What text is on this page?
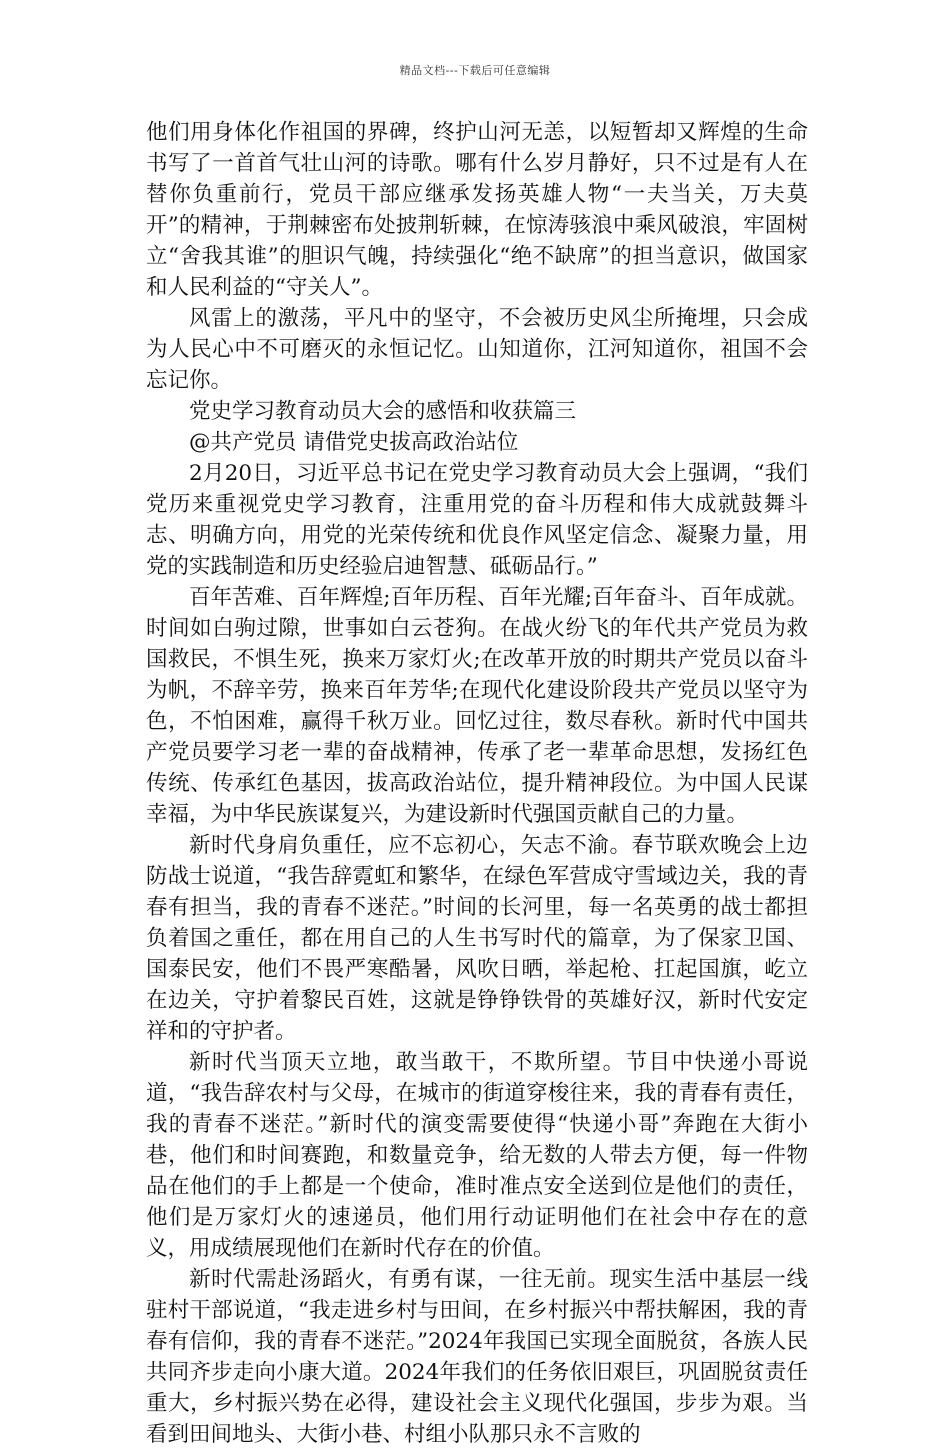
精品文档---下载后可任意编辑

他们用身体化作祖国的界碑，终护山河无恙，以短暂却又辉煌的生命书写了一首首气壮山河的诗歌。哪有什么岁月静好，只不过是有人在替你负重前行，党员干部应继承发扬英雄人物“一夫当关，万夫莫开”的精神，于荆棘密布处披荆斩棘，在惊涛骇浪中乘风破浪，牢固树立“舍我其谁”的胆识气魄，持续强化“绝不缺席”的担当意识，做国家和人民利益的“守关人”。

风雷上的激荡，平凡中的坚守，不会被历史风尘所掩埋，只会成为人民心中不可磨灭的永恒记忆。山知道你，江河知道你，祖国不会忘记你。

党史学习教育动员大会的感悟和收获篇三

@共产党员 请借党史拔高政治站位

2月20日，习近平总书记在党史学习教育动员大会上强调，“我们党历来重视党史学习教育，注重用党的奋斗历程和伟大成就鼓舞斗志、明确方向，用党的光荣传统和优良作风坚定信念、凝聚力量，用党的实践制造和历史经验启迪智慧、砥砺品行。”

百年苦难、百年辉煌;百年历程、百年光耀;百年奋斗、百年成就。时间如白驹过隙，世事如白云苍狗。在战火纷飞的年代共产党员为救国救民，不惧生死，换来万家灯火;在改革开放的时期共产党员以奋斗为帆，不辞辛劳，换来百年芳华;在现代化建设阶段共产党员以坚守为色，不怕困难，赢得千秋万业。回忆过往，数尽春秋。新时代中国共产党员要学习老一辈的奋战精神，传承了老一辈革命思想，发扬红色传统、传承红色基因，拔高政治站位，提升精神段位。为中国人民谋幸福，为中华民族谋复兴，为建设新时代强国贡献自己的力量。

新时代身肩负重任，应不忘初心，矢志不渝。春节联欢晚会上边防战士说道，“我告辞霓虹和繁华，在绿色军营成守雪域边关，我的青春有担当，我的青春不迷茫。”时间的长河里，每一名英勇的战士都担负着国之重任，都在用自己的人生书写时代的篇章，为了保家卫国、国泰民安，他们不畏严寒酷暑，风吹日晒，举起枪、扛起国旗，屹立在边关，守护着黎民百姓，这就是铮铮铁骨的英雄好汉，新时代安定祥和的守护者。

新时代当顶天立地，敢当敢干，不欺所望。节目中快递小哥说道，“我告辞农村与父母，在城市的街道穿梭往来，我的青春有责任，我的青春不迷茫。”新时代的演变需要使得“快递小哥”奔跑在大街小巷，他们和时间赛跑，和数量竞争，给无数的人带去方便，每一件物品在他们的手上都是一个使命，准时准点安全送到位是他们的责任，他们是万家灯火的速递员，他们用行动证明他们在社会中存在的意义，用成绩展现他们在新时代存在的价值。

新时代需赴汤蹈火，有勇有谋，一往无前。现实生活中基层一线驻村干部说道，“我走进乡村与田间，在乡村振兴中帮扶解困，我的青春有信仰，我的青春不迷茫。”2024年我国已实现全面脱贫，各族人民共同齐步走向小康大道。2024年我们的任务依旧艰巨，巩固脱贫责任重大，乡村振兴势在必得，建设社会主义现代化强国，步步为艰。当看到田间地头、大街小巷、村组小队那只永不言败的
